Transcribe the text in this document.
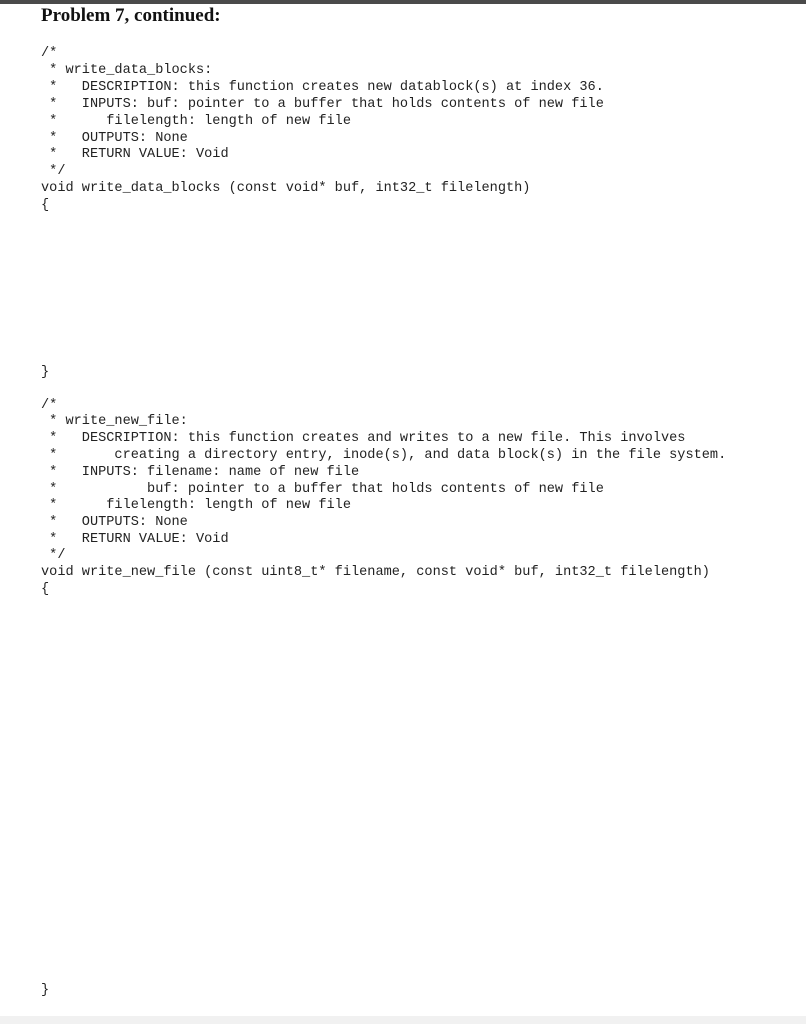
Problem 7, continued:
/*
* write_data_blocks:
*   DESCRIPTION: this function creates new datablock(s) at index 36.
*   INPUTS: buf: pointer to a buffer that holds contents of new file
*      filelength: length of new file
*   OUTPUTS: None
*   RETURN VALUE: Void
*/
void write_data_blocks (const void* buf, int32_t filelength)
{
}
/*
* write_new_file:
*   DESCRIPTION: this function creates and writes to a new file. This involves
*       creating a directory entry, inode(s), and data block(s) in the file system.
*   INPUTS: filename: name of new file
*           buf: pointer to a buffer that holds contents of new file
*      filelength: length of new file
*   OUTPUTS: None
*   RETURN VALUE: Void
*/
void write_new_file (const uint8_t* filename, const void* buf, int32_t filelength)
{
}
